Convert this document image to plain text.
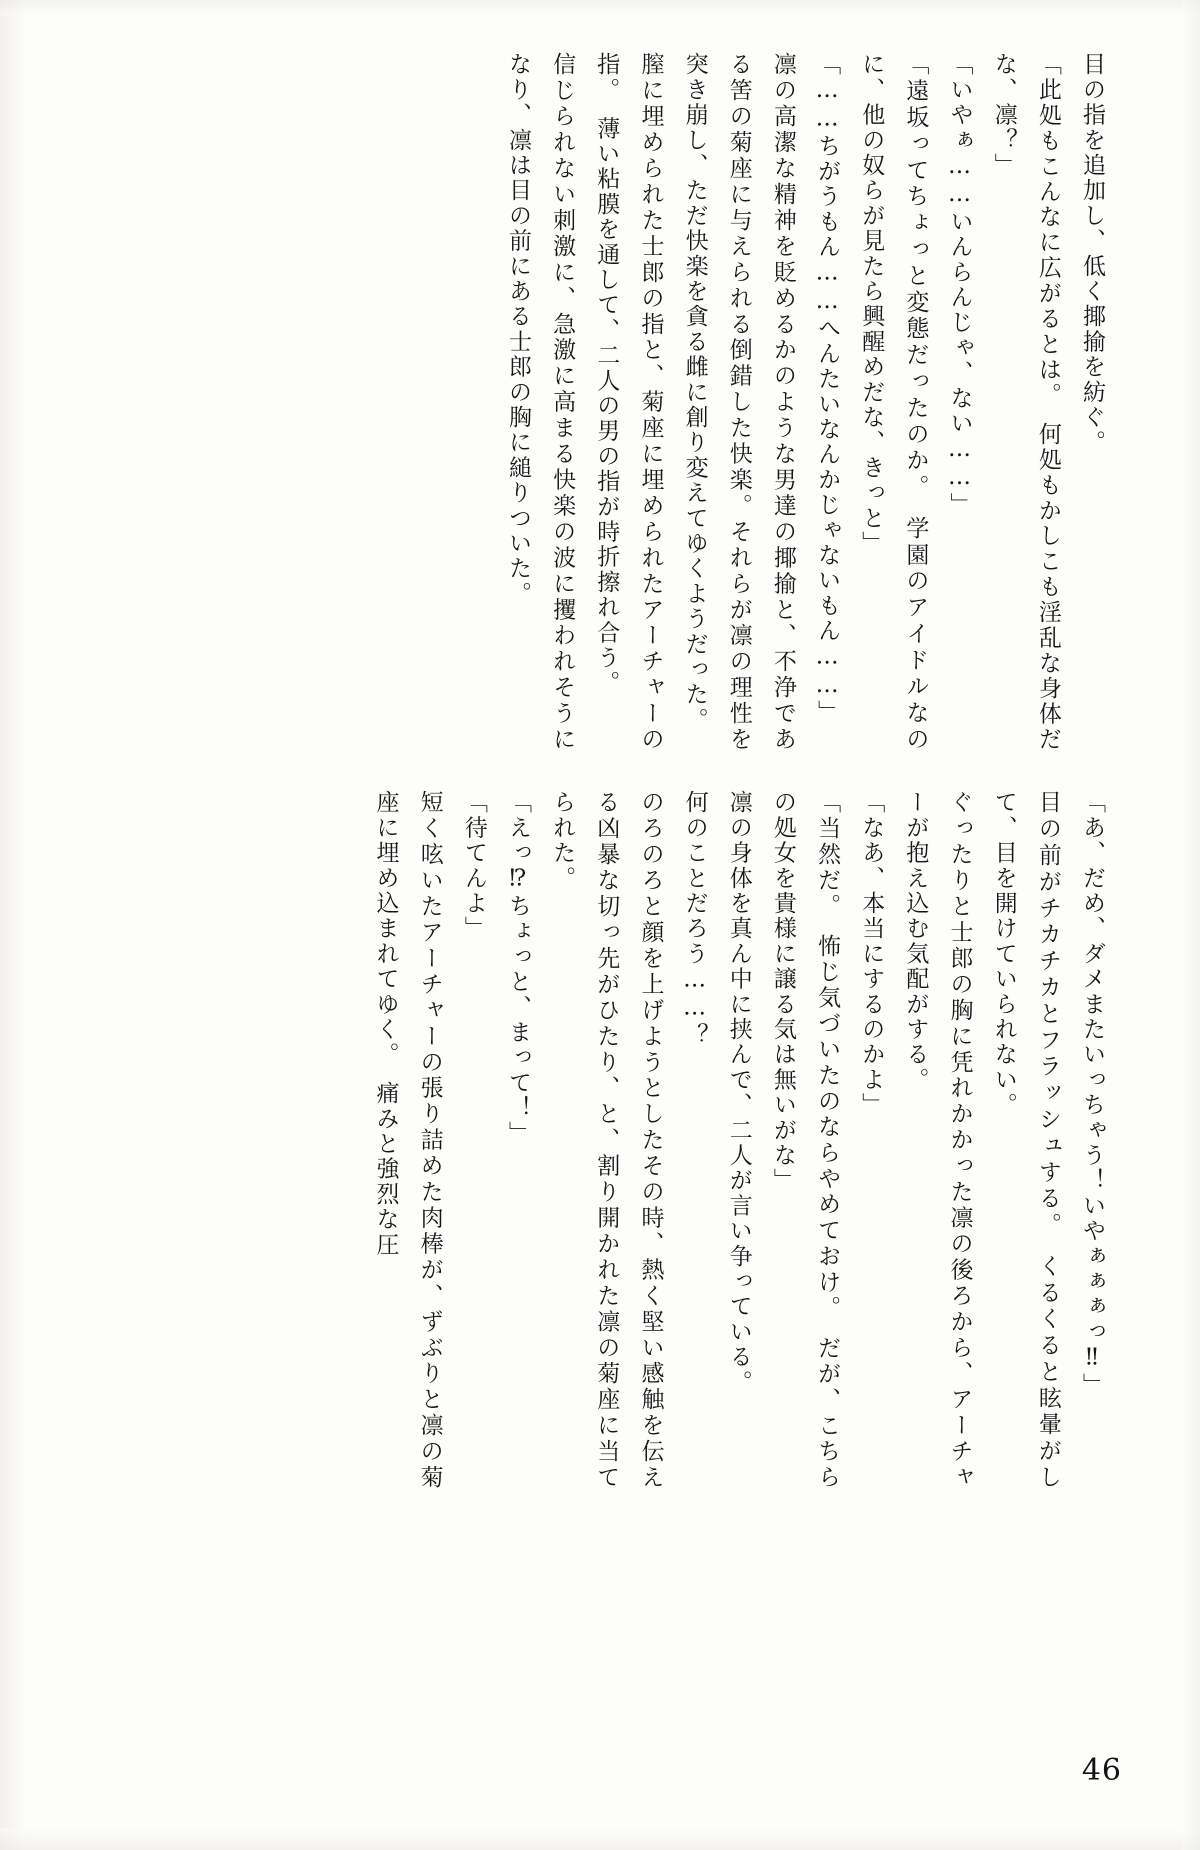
目の指を追加し、低く揶揄を紡ぐ。

「此処もこんなに広がるとは。　何処もかしこも淫乱な身体だな、凛？」

「いやぁ……いんらんじゃ、ない……」

「遠坂ってちょっと変態だったのか。　学園のアイドルなのに、他の奴らが見たら興醒めだな、きっと」

「……ちがうもん……へんたいなんかじゃないもん……」

凛の高潔な精神を貶めるかのような男達の揶揄と、不浄である筈の菊座に与えられる倒錯した快楽。それらが凛の理性を突き崩し、ただ快楽を貪る雌に創り変えてゆくようだった。

膣に埋められた士郎の指と、菊座に埋められたアーチャーの指。　薄い粘膜を通して、二人の男の指が時折擦れ合う。

信じられない刺激に、急激に高まる快楽の波に攫われそうになり、凛は目の前にある士郎の胸に縋りついた。

「あ、だめ、ダメまたいっちゃう！いやぁぁぁっ‼」

目の前がチカチカとフラッシュする。　くるくると眩暈がして、目を開けていられない。

ぐったりと士郎の胸に凭れかかった凛の後ろから、アーチャーが抱え込む気配がする。

「なあ、本当にするのかよ」

「当然だ。　怖じ気づいたのならやめておけ。　だが、こちらの処女を貴様に譲る気は無いがな」

凛の身体を真ん中に挟んで、二人が言い争っている。

何のことだろう……？

のろのろと顔を上げようとしたその時、熱く堅い感触を伝える凶暴な切っ先がひたり、と、割り開かれた凛の菊座に当てられた。

「えっ⁉ちょっと、まって！」

「待てんよ」

短く呟いたアーチャーの張り詰めた肉棒が、ずぶりと凛の菊座に埋め込まれてゆく。　痛みと強烈な圧

46
